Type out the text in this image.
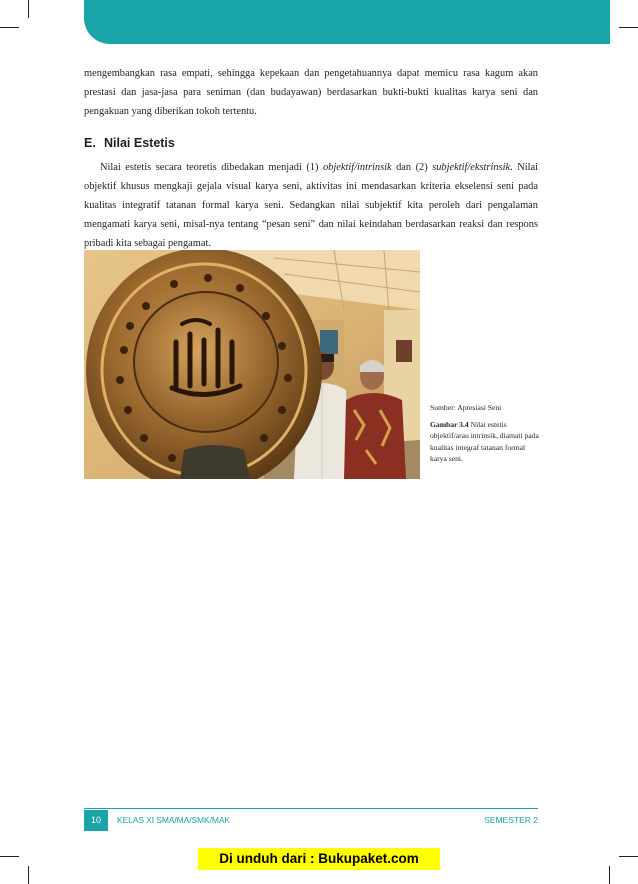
mengembangkan rasa empati, sehingga kepekaan dan pengetahuannya dapat memicu rasa kagum akan prestasi dan jasa-jasa para seniman (dan budayawan) berdasarkan bukti-bukti kualitas karya seni dan pengakuan yang diberikan tokoh tertentu.

E. Nilai Estetis

Nilai estetis secara teoretis dibedakan menjadi (1) objektif/intrinsik dan (2) subjektif/ekstrinsik. Nilai objektif khusus mengkaji gejala visual karya seni, aktivitas ini mendasarkan kriteria ekselensi seni pada kualitas integratif tatanan formal karya seni. Sedangkan nilai subjektif kita peroleh dari pengalaman mengamati karya seni, misal-nya tentang “pesan seni” dan nilai keindahan berdasarkan reaksi dan respons pribadi kita sebagai pengamat.

Sumber: Apresiasi Seni
Gambar 3.4 Nilai estetis objektif/arau intrinsik, diamati pada kualitas integraf tatanan formal karya seni.
10	KELAS XI SMA/MA/SMK/MAK	SEMESTER 2
Di unduh dari : Bukupaket.com
